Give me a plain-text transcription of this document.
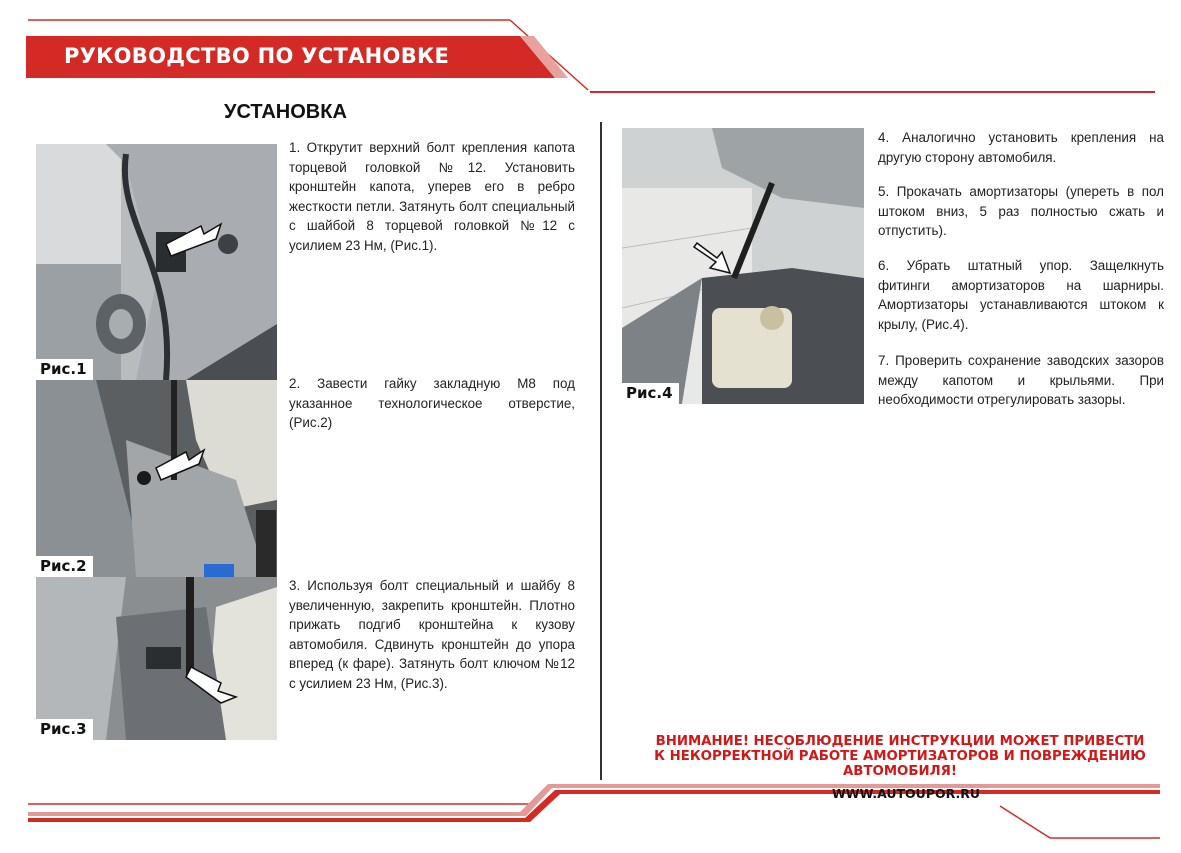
РУКОВОДСТВО ПО УСТАНОВКЕ
УСТАНОВКА
Рис.1
Рис.2
Рис.3
Рис.4
1. Открутит верхний болт крепления капота торцевой головкой №12. Установить кронштейн капота, уперев его в ребро жесткости петли. Затянуть болт специальный с шайбой 8 торцевой головкой №12 с усилием 23 Нм, (Рис.1).
2. Завести гайку закладную М8 под указанное технологическое отверстие, (Рис.2)
3. Используя болт специальный и шайбу 8 увеличенную, закрепить кронштейн. Плотно прижать подгиб кронштейна к кузову автомобиля. Сдвинуть кронштейн до упора вперед (к фаре). Затянуть болт ключом №12 с усилием 23 Нм, (Рис.3).
4. Аналогично установить крепления на другую сторону автомобиля.
5. Прокачать амортизаторы (уперeть в пол штоком вниз, 5 раз полностью сжать и отпустить).
6. Убрать штатный упор. Защелкнуть фитинги амортизаторов на шарниры. Амортизаторы устанавливаются штоком к крылу, (Рис.4).
7. Проверить сохранение заводских зазоров между капотом и крыльями. При необходимости отрегулировать зазоры.
ВНИМАНИЕ! НЕСОБЛЮДЕНИЕ ИНСТРУКЦИИ МОЖЕТ ПРИВЕСТИ К НЕКОРРЕКТНОЙ РАБОТЕ АМОРТИЗАТОРОВ И ПОВРЕЖДЕНИЮ АВТОМОБИЛЯ!
WWW.AUTOUPOR.RU
